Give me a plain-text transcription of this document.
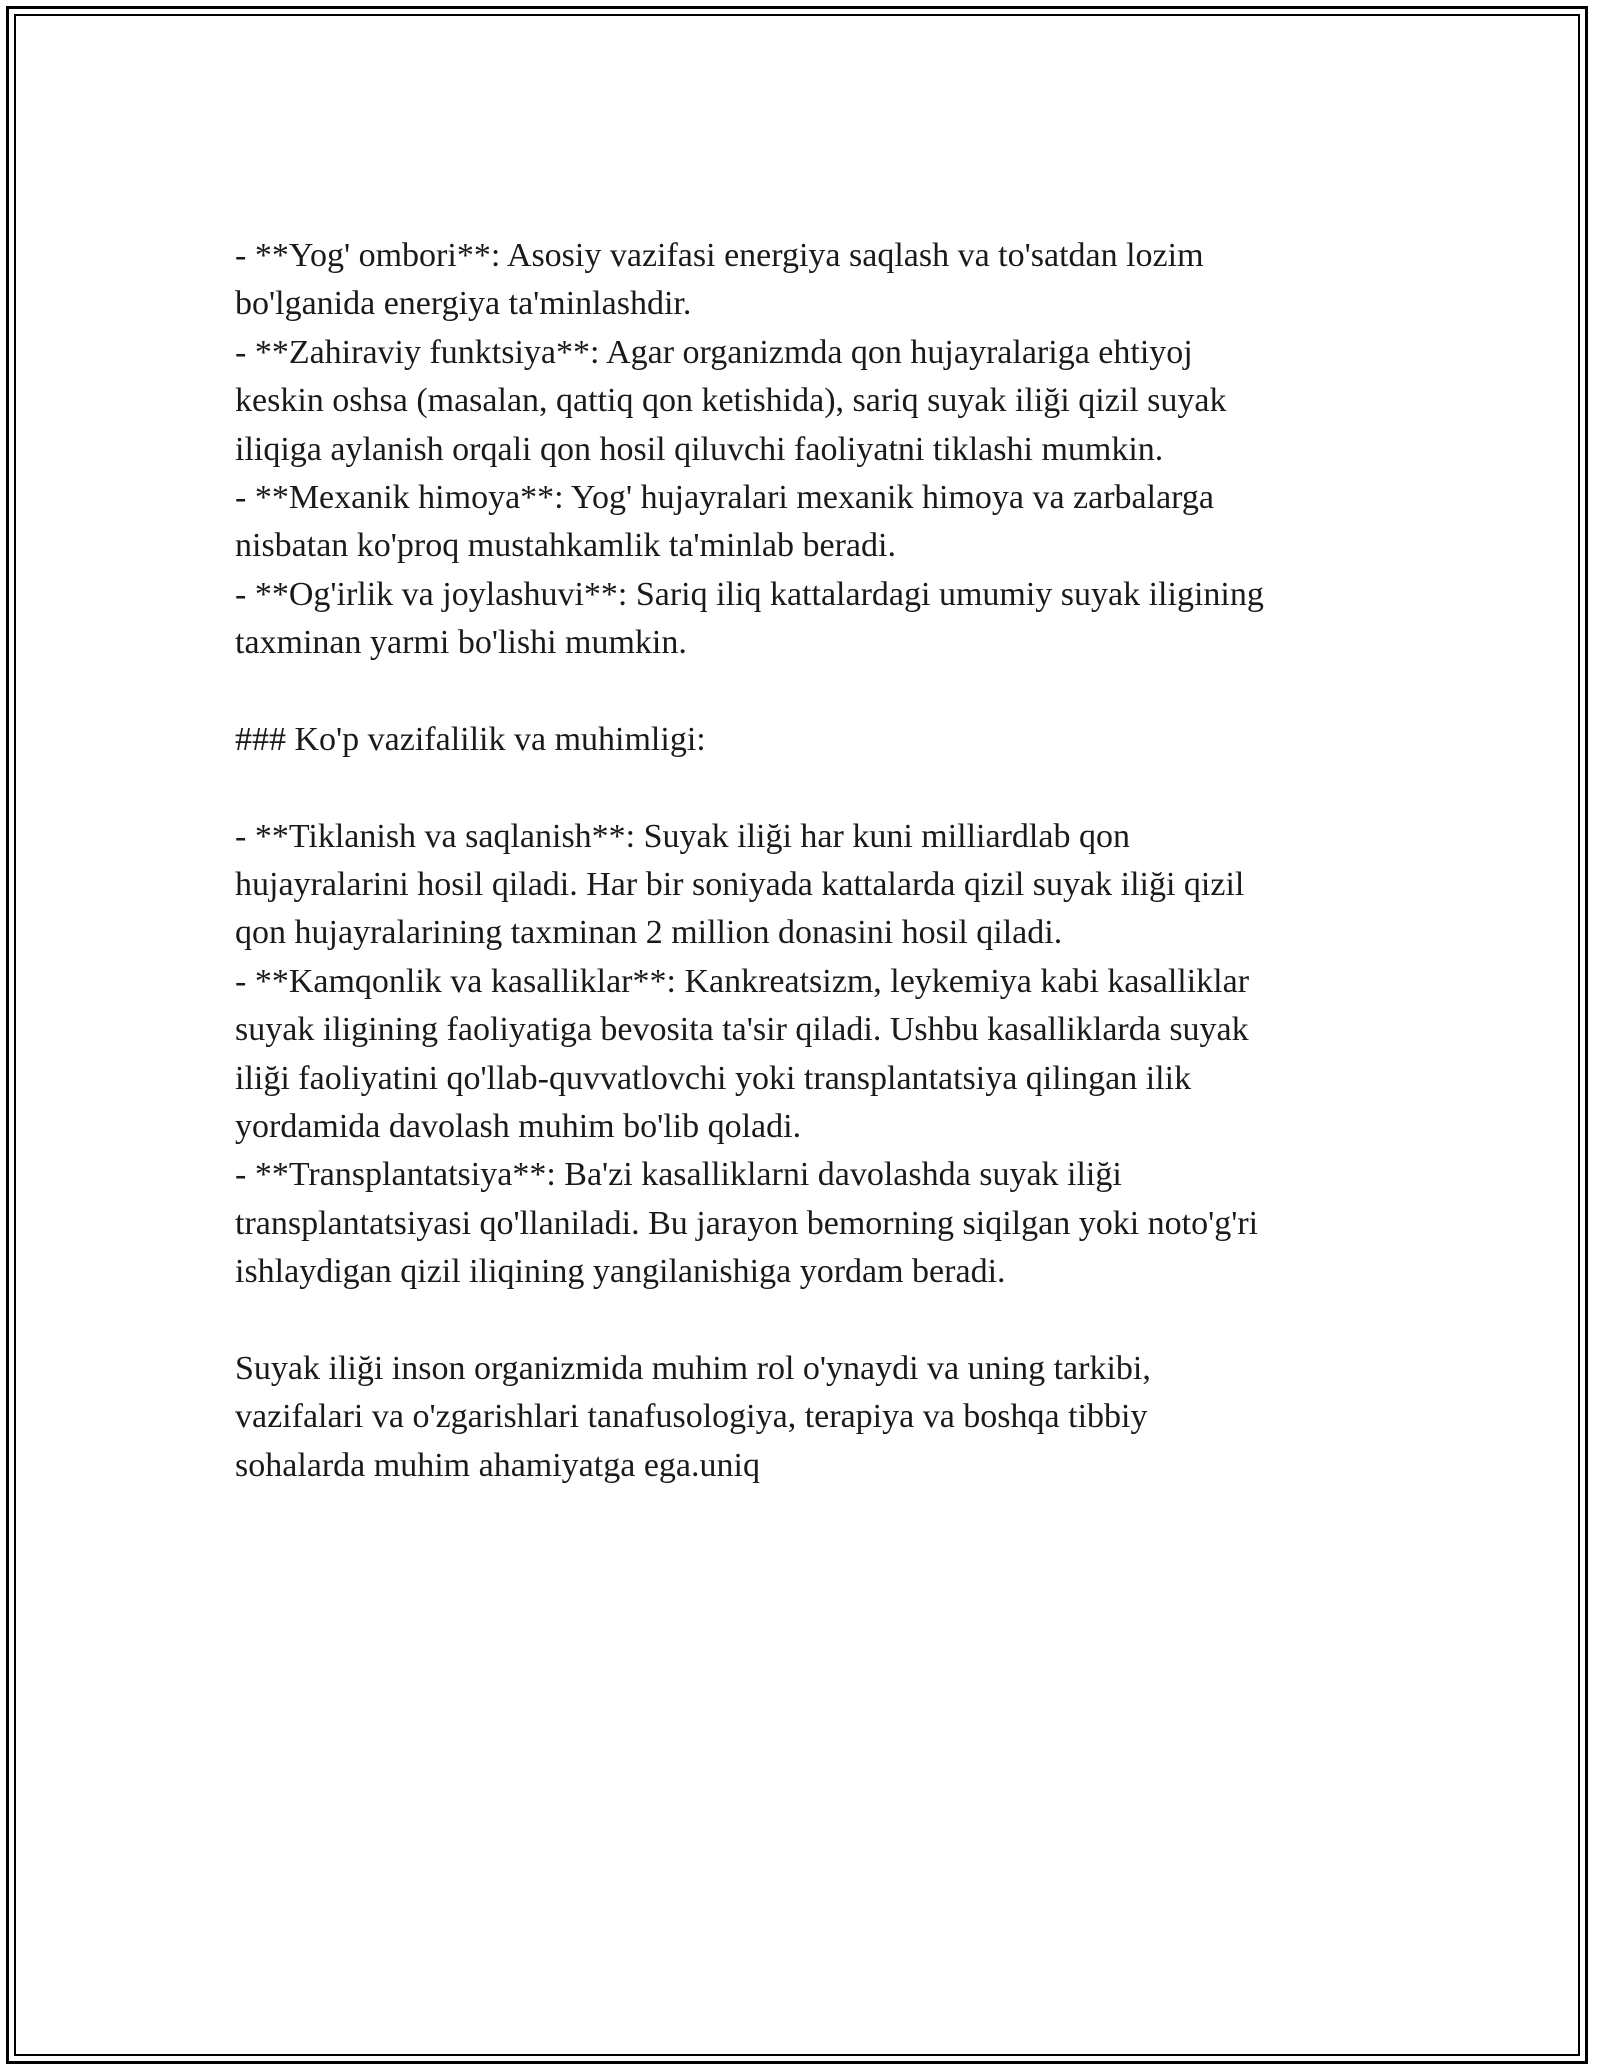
- **Yog' ombori**: Asosiy vazifasi energiya saqlash va to'satdan lozim
bo'lganida energiya ta'minlashdir.
- **Zahiraviy funktsiya**: Agar organizmda qon hujayralariga ehtiyoj
keskin oshsa (masalan, qattiq qon ketishida), sariq suyak iliği qizil suyak
iliqiga aylanish orqali qon hosil qiluvchi faoliyatni tiklashi mumkin.
- **Mexanik himoya**: Yog' hujayralari mexanik himoya va zarbalarga
nisbatan ko'proq mustahkamlik ta'minlab beradi.
- **Og'irlik va joylashuvi**: Sariq iliq kattalardagi umumiy suyak iligining
taxminan yarmi bo'lishi mumkin.
### Ko'p vazifalilik va muhimligi:
- **Tiklanish va saqlanish**: Suyak iliği har kuni milliardlab qon
hujayralarini hosil qiladi. Har bir soniyada kattalarda qizil suyak iliği qizil
qon hujayralarining taxminan 2 million donasini hosil qiladi.
- **Kamqonlik va kasalliklar**: Kankreatsizm, leykemiya kabi kasalliklar
suyak iligining faoliyatiga bevosita ta'sir qiladi. Ushbu kasalliklarda suyak
iliği faoliyatini qo'llab-quvvatlovchi yoki transplantatsiya qilingan ilik
yordamida davolash muhim bo'lib qoladi.
- **Transplantatsiya**: Ba'zi kasalliklarni davolashda suyak iliği
transplantatsiyasi qo'llaniladi. Bu jarayon bemorning siqilgan yoki noto'g'ri
ishlaydigan qizil iliqining yangilanishiga yordam beradi.
Suyak iliği inson organizmida muhim rol o'ynaydi va uning tarkibi,
vazifalari va o'zgarishlari tanafusologiya, terapiya va boshqa tibbiy
sohalarda muhim ahamiyatga ega.uniq
